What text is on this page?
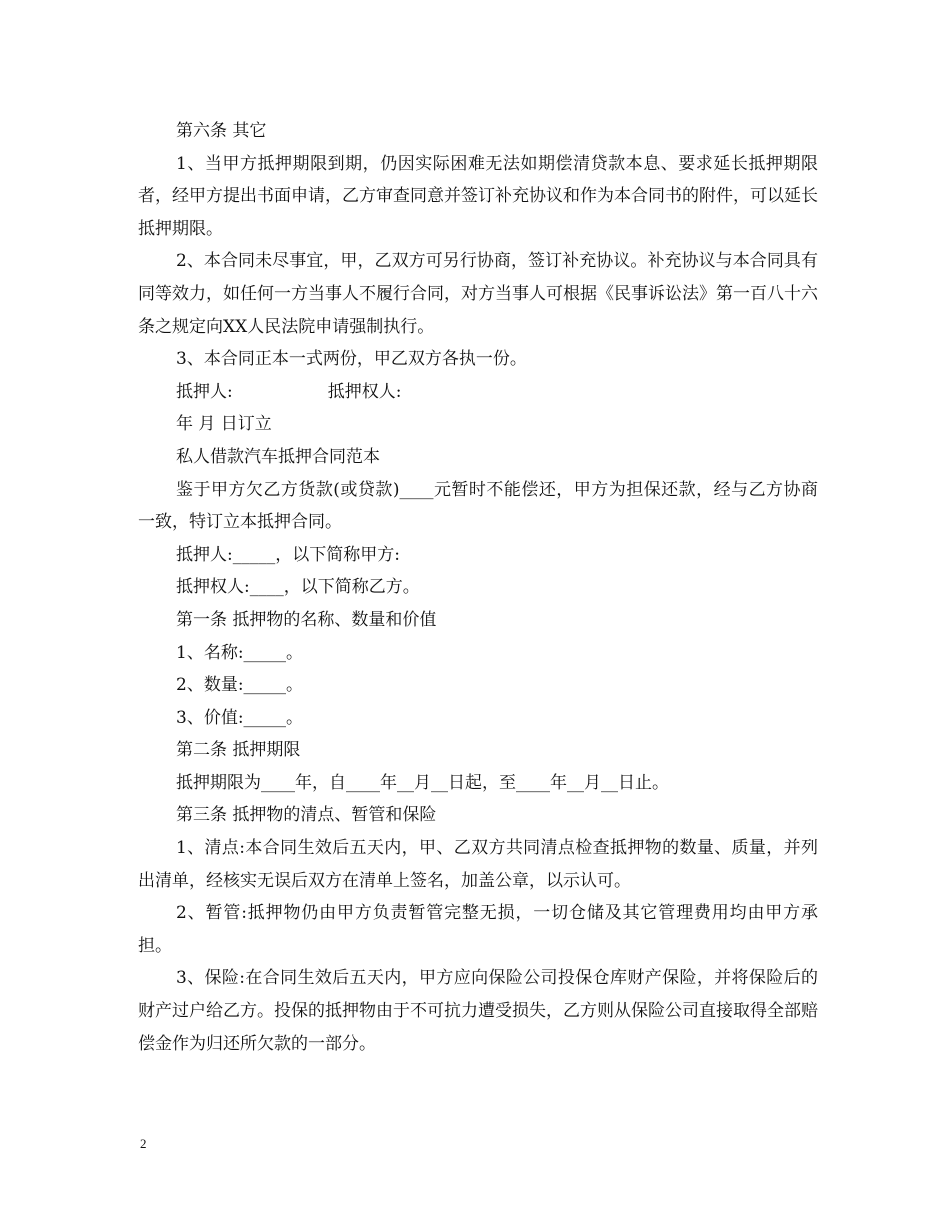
第六条 其它

1、当甲方抵押期限到期，仍因实际困难无法如期偿清贷款本息、要求延长抵押期限者，经甲方提出书面申请，乙方审查同意并签订补充协议和作为本合同书的附件，可以延长抵押期限。

2、本合同未尽事宜，甲，乙双方可另行协商，签订补充协议。补充协议与本合同具有同等效力，如任何一方当事人不履行合同，对方当事人可根据《民事诉讼法》第一百八十六条之规定向XX人民法院申请强制执行。

3、本合同正本一式两份，甲乙双方各执一份。

抵押人:	抵押权人:

年 月 日订立

私人借款汽车抵押合同范本

鉴于甲方欠乙方货款(或贷款)____元暂时不能偿还，甲方为担保还款，经与乙方协商一致，特订立本抵押合同。

抵押人:_____，以下简称甲方:

抵押权人:____，以下简称乙方。

第一条 抵押物的名称、数量和价值

1、名称:_____。

2、数量:_____。

3、价值:_____。

第二条 抵押期限

抵押期限为____年，自____年__月__日起，至____年__月__日止。

第三条 抵押物的清点、暂管和保险

1、清点:本合同生效后五天内，甲、乙双方共同清点检查抵押物的数量、质量，并列出清单，经核实无误后双方在清单上签名，加盖公章，以示认可。

2、暂管:抵押物仍由甲方负责暂管完整无损，一切仓储及其它管理费用均由甲方承担。

3、保险:在合同生效后五天内，甲方应向保险公司投保仓库财产保险，并将保险后的财产过户给乙方。投保的抵押物由于不可抗力遭受损失，乙方则从保险公司直接取得全部赔偿金作为归还所欠款的一部分。

2
